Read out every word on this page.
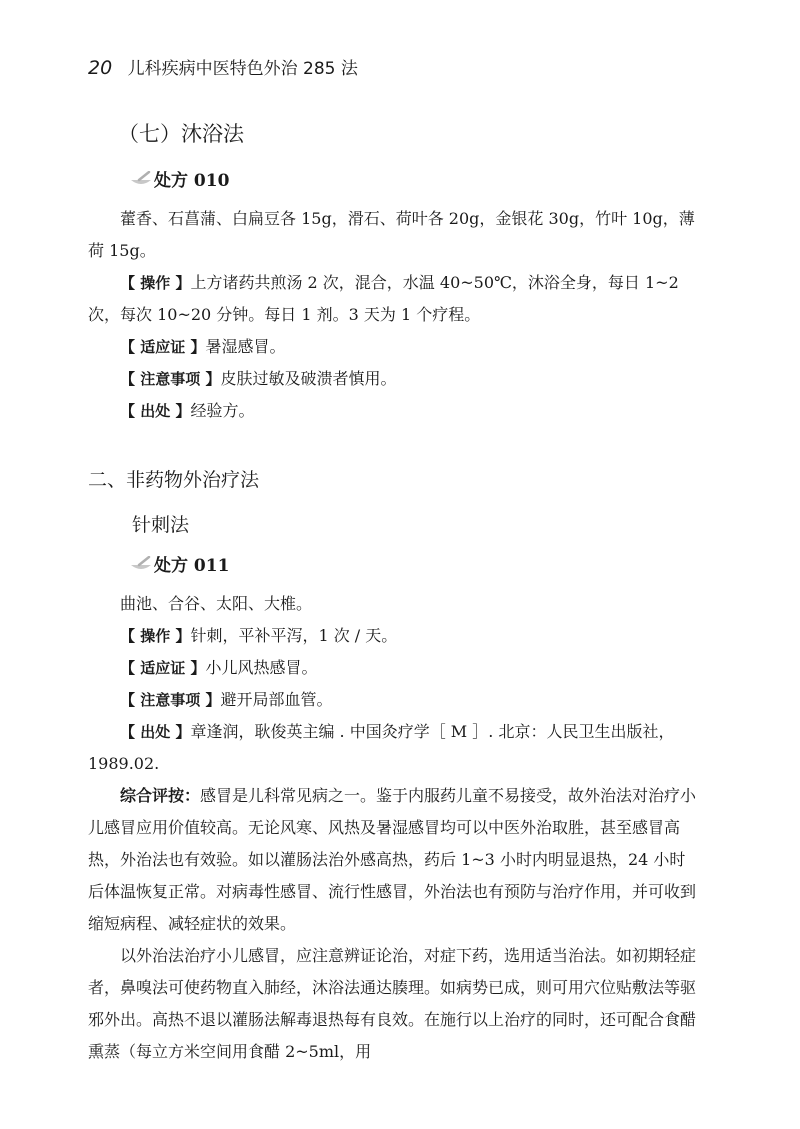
20 儿科疾病中医特色外治 285 法
（七）沐浴法
处方 010

藿香、石菖蒲、白扁豆各 15g，滑石、荷叶各 20g，金银花 30g，竹叶 10g，薄荷 15g。

【 操作 】上方诸药共煎汤 2 次，混合，水温 40~50℃，沐浴全身，每日 1~2 次，每次 10~20 分钟。每日 1 剂。3 天为 1 个疗程。

【 适应证 】暑湿感冒。

【 注意事项 】皮肤过敏及破溃者慎用。

【 出处 】经验方。

二、非药物外治疗法
针刺法
处方 011

曲池、合谷、太阳、大椎。

【 操作 】针刺，平补平泻，1 次 / 天。

【 适应证 】小儿风热感冒。

【 注意事项 】避开局部血管。

【 出处 】章逢润，耿俊英主编 . 中国灸疗学［ M ］. 北京：人民卫生出版社，1989.02.

综合评按：感冒是儿科常见病之一。鉴于内服药儿童不易接受，故外治法对治疗小儿感冒应用价值较高。无论风寒、风热及暑湿感冒均可以中医外治取胜，甚至感冒高热，外治法也有效验。如以灌肠法治外感高热，药后 1~3 小时内明显退热，24 小时后体温恢复正常。对病毒性感冒、流行性感冒，外治法也有预防与治疗作用，并可收到缩短病程、减轻症状的效果。

以外治法治疗小儿感冒，应注意辨证论治，对症下药，选用适当治法。如初期轻症者，鼻嗅法可使药物直入肺经，沐浴法通达腠理。如病势已成，则可用穴位贴敷法等驱邪外出。高热不退以灌肠法解毒退热每有良效。在施行以上治疗的同时，还可配合食醋熏蒸（每立方米空间用食醋 2~5ml，用
